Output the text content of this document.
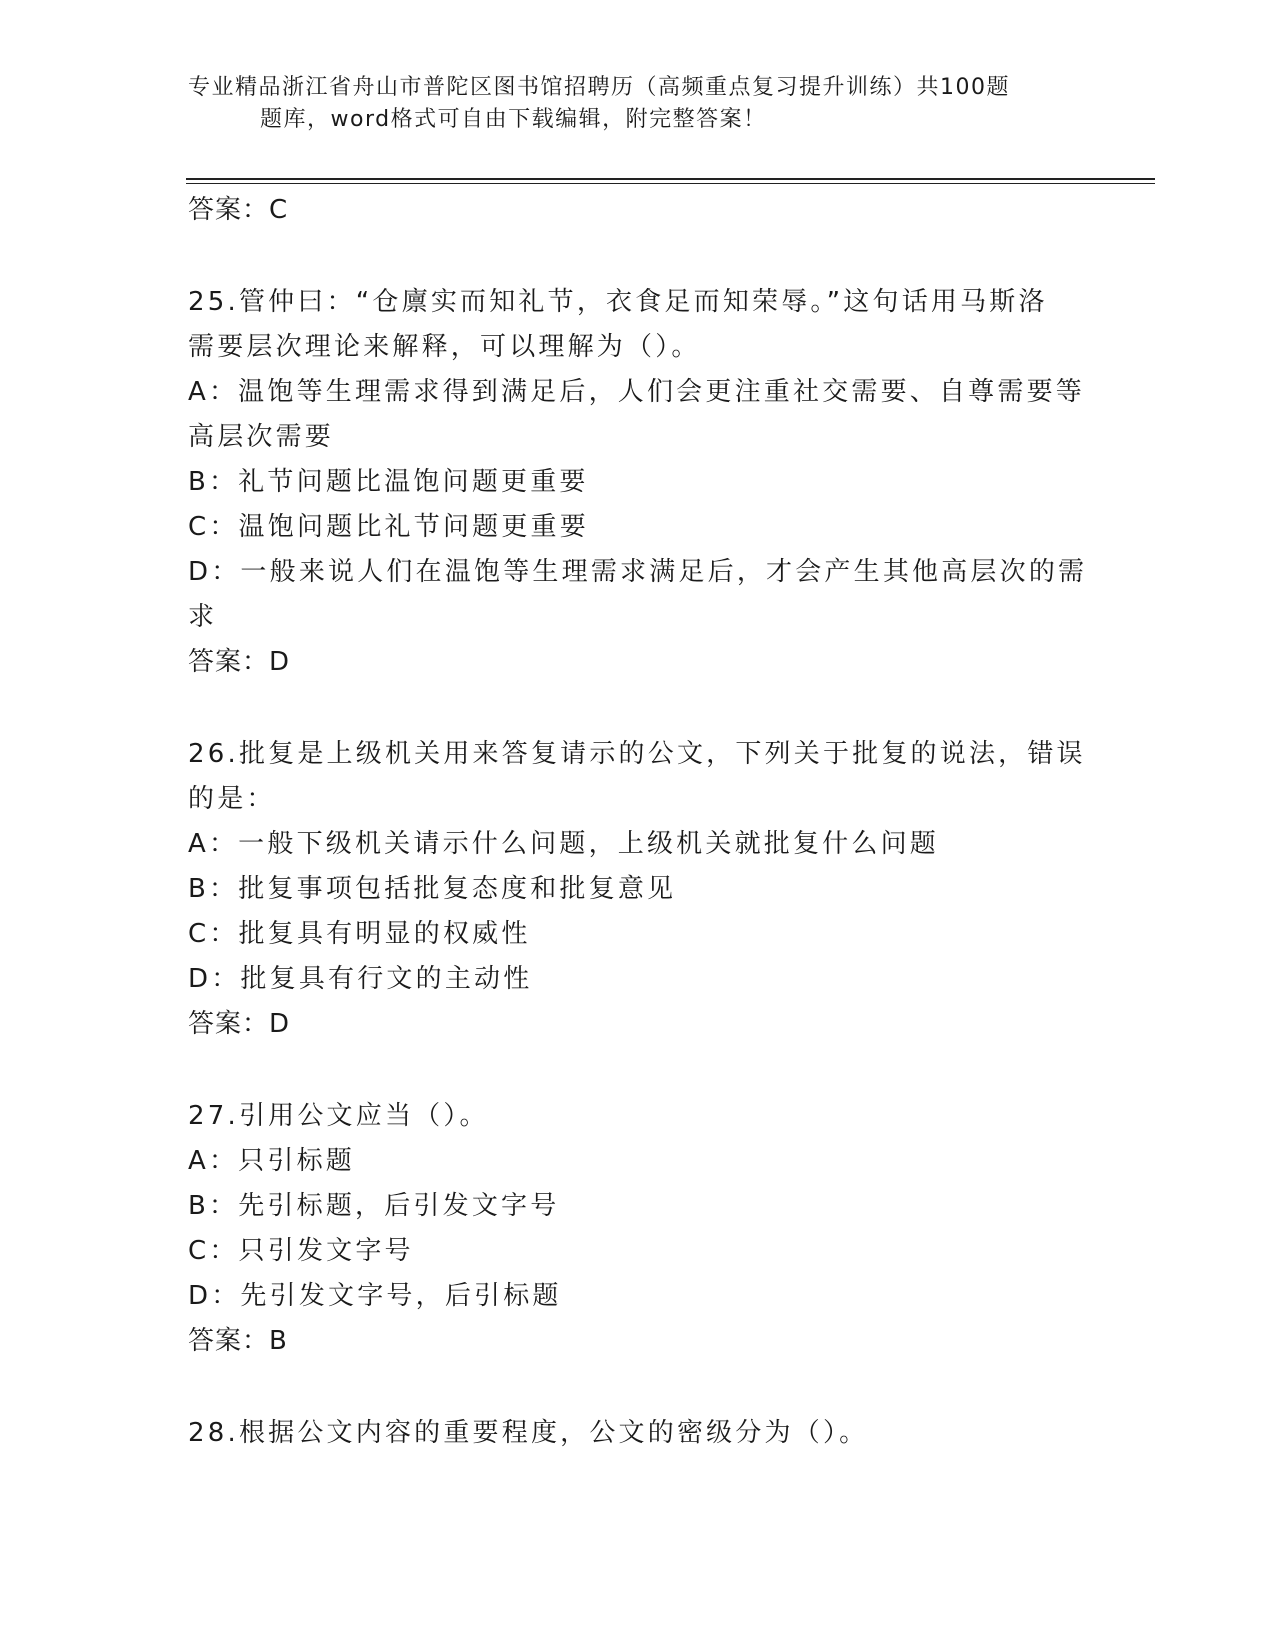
专业精品浙江省舟山市普陀区图书馆招聘历（高频重点复习提升训练）共100题
题库，word格式可自由下载编辑，附完整答案！

答案：C

25.管仲曰：“仓廪实而知礼节，衣食足而知荣辱。”这句话用马斯洛

需要层次理论来解释，可以理解为（）。

A：温饱等生理需求得到满足后，人们会更注重社交需要、自尊需要等

高层次需要

B：礼节问题比温饱问题更重要

C：温饱问题比礼节问题更重要

D：一般来说人们在温饱等生理需求满足后，才会产生其他高层次的需

求

答案：D

26.批复是上级机关用来答复请示的公文，下列关于批复的说法，错误

的是：

A：一般下级机关请示什么问题，上级机关就批复什么问题

B：批复事项包括批复态度和批复意见

C：批复具有明显的权威性

D：批复具有行文的主动性

答案：D

27.引用公文应当（）。

A：只引标题

B：先引标题，后引发文字号

C：只引发文字号

D：先引发文字号，后引标题

答案：B

28.根据公文内容的重要程度，公文的密级分为（）。
